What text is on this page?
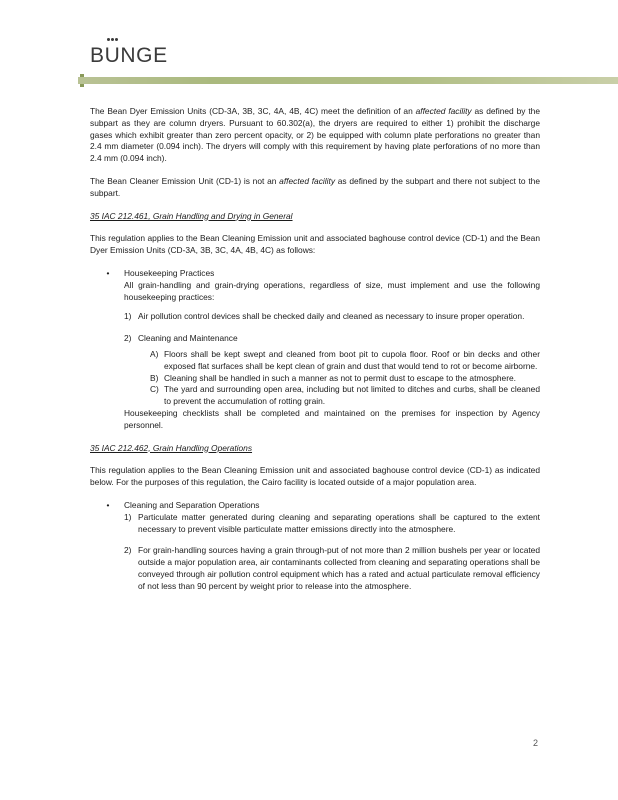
B
UNGE

The Bean Dyer Emission Units (CD-3A, 3B, 3C, 4A, 4B, 4C) meet the definition of an affected facility as defined by the subpart as they are column dryers. Pursuant to 60.302(a), the dryers are required to either 1) prohibit the discharge gases which exhibit greater than zero percent opacity, or 2) be equipped with column plate perforations no greater than 2.4 mm diameter (0.094 inch). The dryers will comply with this requirement by having plate perforations of no more than 2.4 mm (0.094 inch).

The Bean Cleaner Emission Unit (CD-1) is not an affected facility as defined by the subpart and there not subject to the subpart.

35 IAC 212.461, Grain Handling and Drying in General

This regulation applies to the Bean Cleaning Emission unit and associated baghouse control device (CD-1) and the Bean Dyer Emission Units (CD-3A, 3B, 3C, 4A, 4B, 4C) as follows:

•	Housekeeping Practices

All grain-handling and grain-drying operations, regardless of size, must implement and use the following housekeeping practices:

1) Air pollution control devices shall be checked daily and cleaned as necessary to insure proper operation.
2) Cleaning and Maintenance
A) Floors shall be kept swept and cleaned from boot pit to cupola floor. Roof or bin decks and other exposed flat surfaces shall be kept clean of grain and dust that would tend to rot or become airborne.
B) Cleaning shall be handled in such a manner as not to permit dust to escape to the atmosphere.
C) The yard and surrounding open area, including but not limited to ditches and curbs, shall be cleaned to prevent the accumulation of rotting grain.

Housekeeping checklists shall be completed and maintained on the premises for inspection by Agency personnel.

35 IAC 212.462, Grain Handling Operations

This regulation applies to the Bean Cleaning Emission unit and associated baghouse control device (CD-1) as indicated below. For the purposes of this regulation, the Cairo facility is located outside of a major population area.

•	Cleaning and Separation Operations

1) Particulate matter generated during cleaning and separating operations shall be captured to the extent necessary to prevent visible particulate matter emissions directly into the atmosphere.
2) For grain-handling sources having a grain through-put of not more than 2 million bushels per year or located outside a major population area, air contaminants collected from cleaning and separating operations shall be conveyed through air pollution control equipment which has a rated and actual particulate removal efficiency of not less than 90 percent by weight prior to release into the atmosphere.
2
